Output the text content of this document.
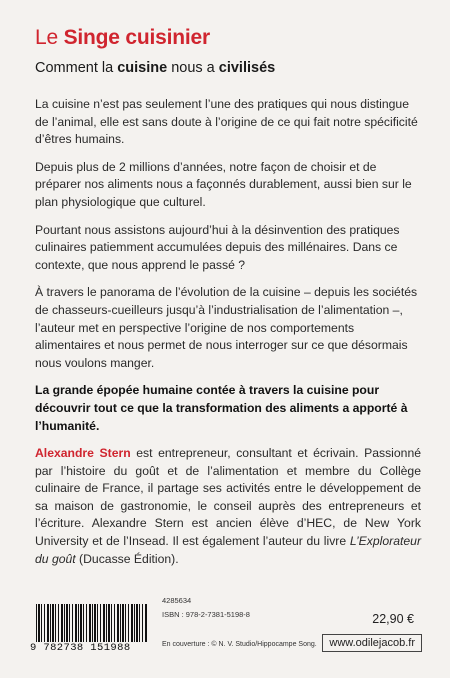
Le Singe cuisinier
Comment la cuisine nous a civilisés

La cuisine n’est pas seulement l’une des pratiques qui nous distingue de l’animal, elle est sans doute à l’origine de ce qui fait notre spécificité d’êtres humains.

Depuis plus de 2 millions d’années, notre façon de choisir et de préparer nos aliments nous a façonnés durablement, aussi bien sur le plan physiologique que culturel.

Pourtant nous assistons aujourd’hui à la désinvention des pratiques culinaires patiemment accumulées depuis des millénaires. Dans ce contexte, que nous apprend le passé ?

À travers le panorama de l’évolution de la cuisine – depuis les sociétés de chasseurs-cueilleurs jusqu’à l’industrialisation de l’alimentation –, l’auteur met en perspective l’origine de nos comportements alimentaires et nous permet de nous interroger sur ce que désormais nous voulons manger.

La grande épopée humaine contée à travers la cuisine pour découvrir tout ce que la transformation des aliments a apporté à l’humanité.

Alexandre Stern est entrepreneur, consultant et écrivain. Passionné par l’histoire du goût et de l’alimentation et membre du Collège culinaire de France, il partage ses activités entre le développement de sa maison de gastronomie, le conseil auprès des entrepreneurs et l’écriture. Alexandre Stern est ancien élève d’HEC, de New York University et de l’Insead. Il est également l’auteur du livre L’Explorateur du goût (Ducasse Édition).

9 782738 151988
4285634
ISBN : 978-2-7381-5198-8
En couverture : © N. V. Studio/Hippocampe Song.
22,90 €
www.odilejacob.fr
